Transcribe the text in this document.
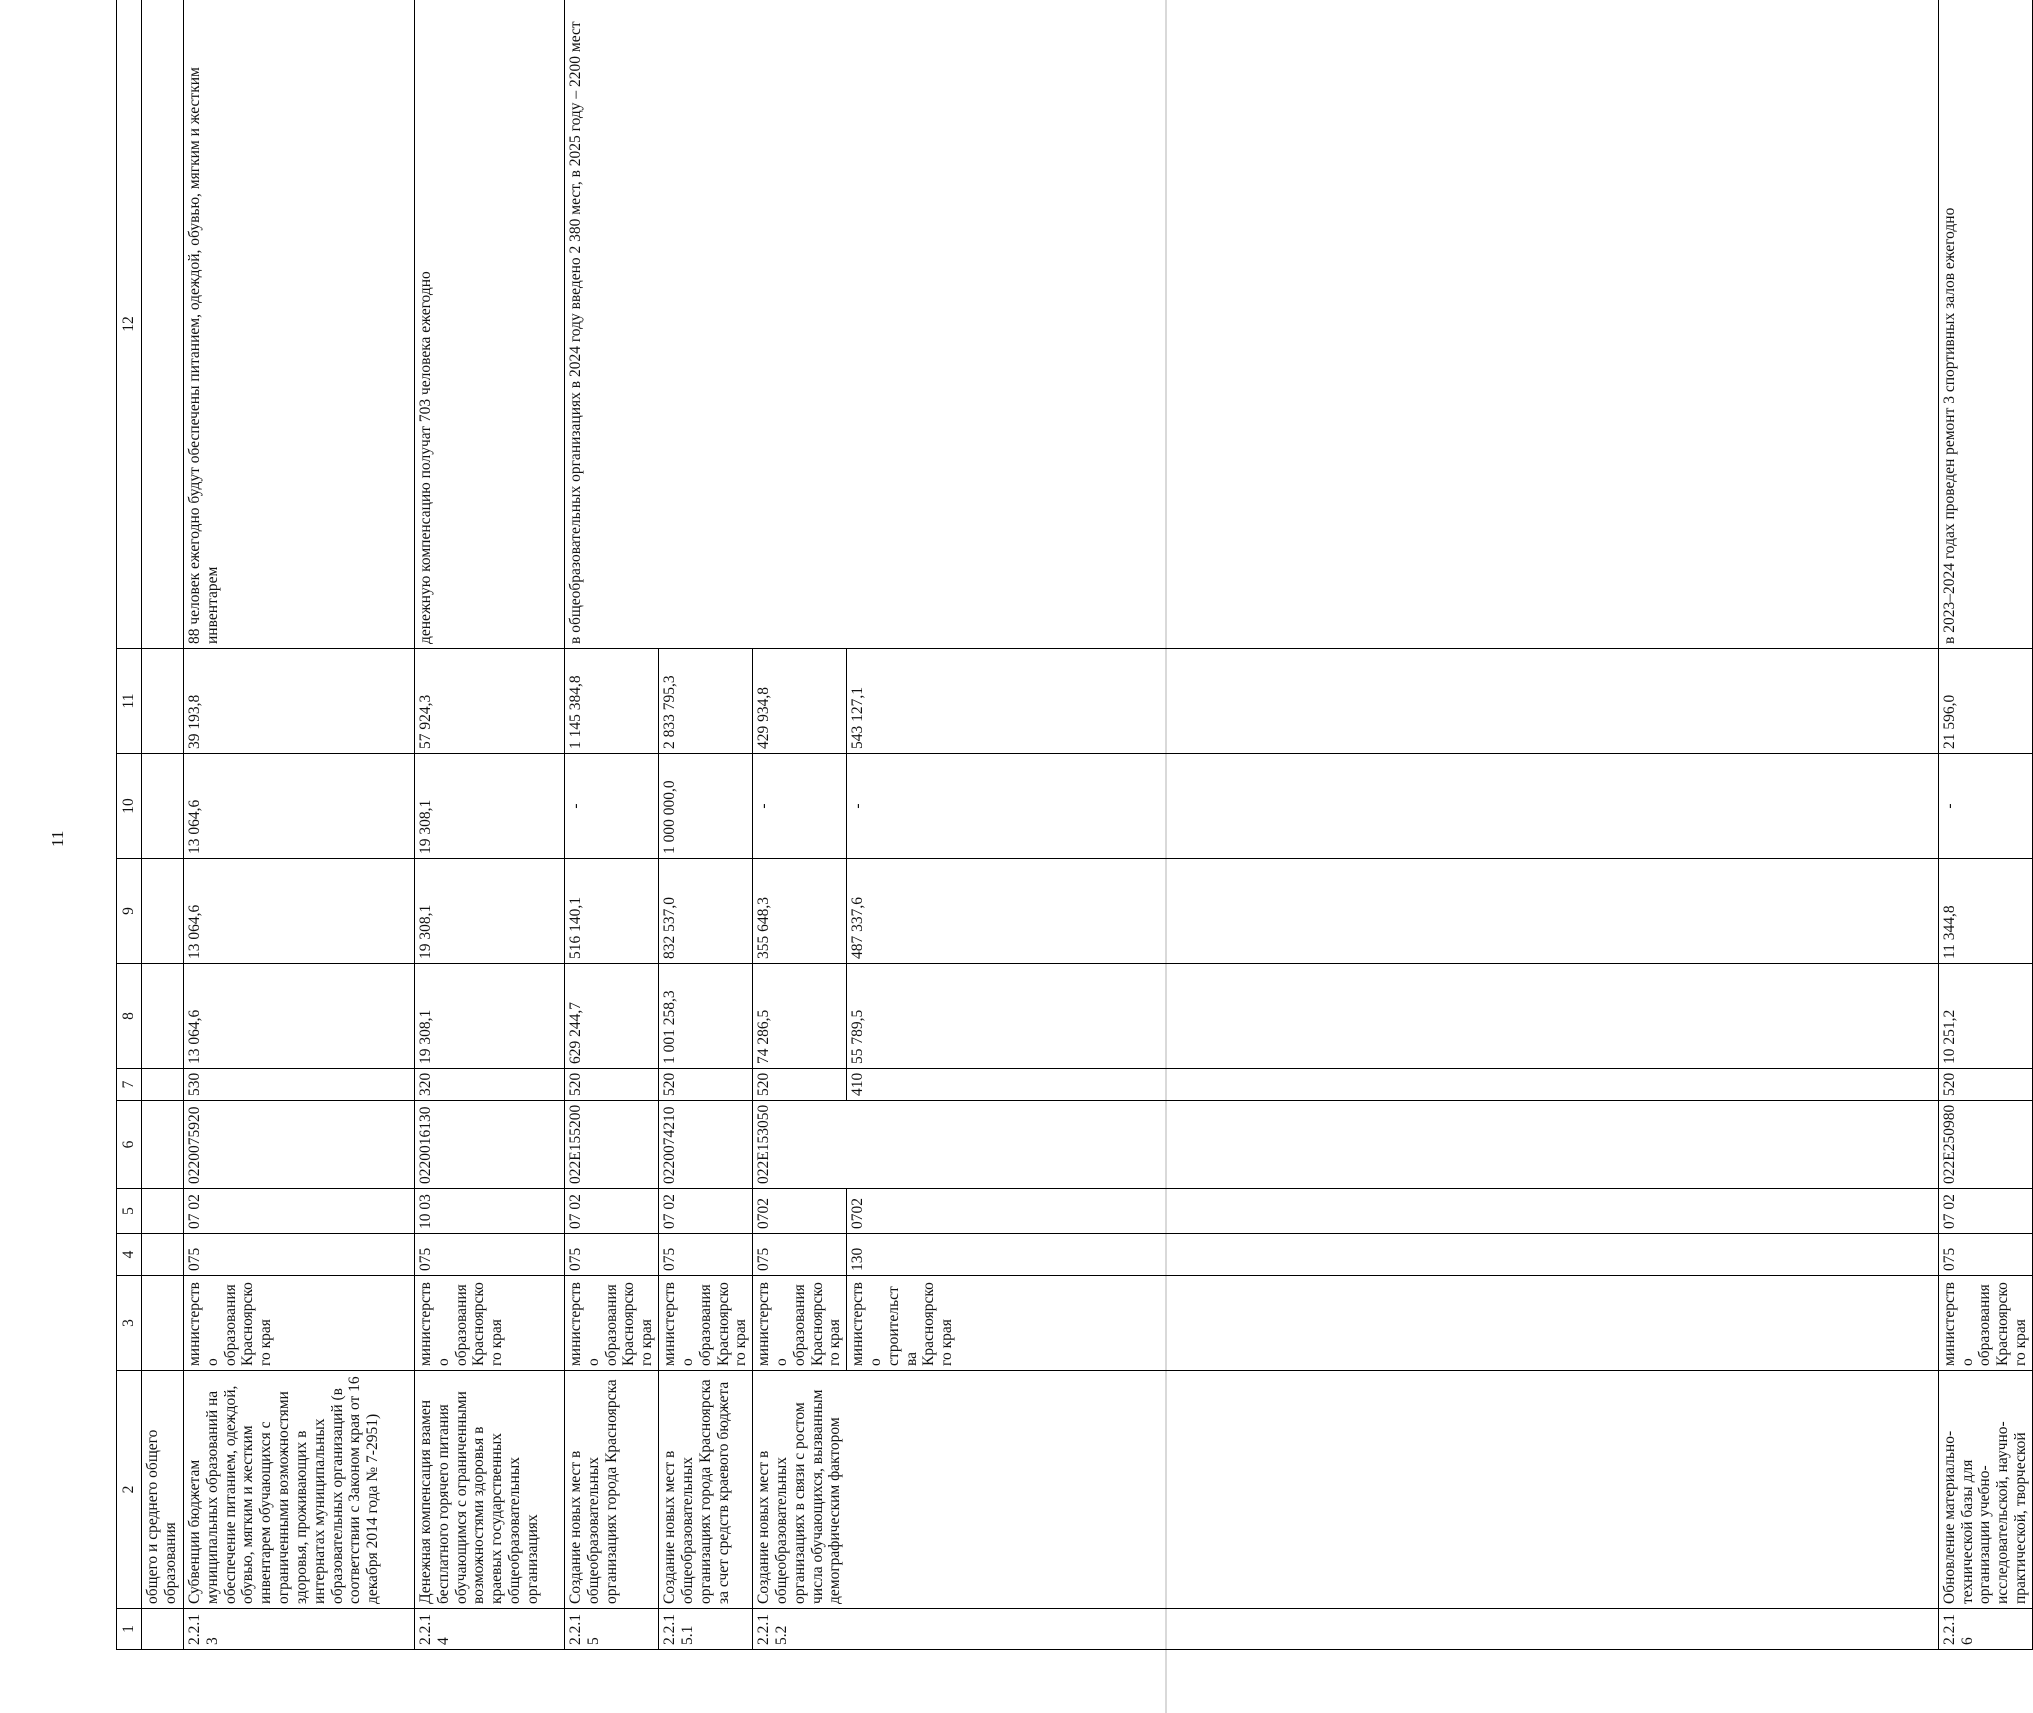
11
1	2	3	4	5	6	7	8	9	10	11	12	
	общего и среднего общего образования											
2.2.13	Субвенции бюджетам муниципальных образований на обеспечение питанием, одеждой, обувью, мягким и жестким инвентарем обучающихся с ограниченными возможностями здоровья, проживающих в интернатах муниципальных образовательных организаций (в соответствии с Законом края от 16 декабря 2014 года № 7-2951)	министерство образования Красноярского края	075	07 02	0220075920	530	13 064,6	13 064,6	13 064,6	39 193,8	88 человек ежегодно будут обеспечены питанием, одеждой, обувью, мягким и жестким инвентарем	
2.2.14	Денежная компенсация взамен бесплатного горячего питания обучающимся с ограниченными возможностями здоровья в краевых государственных общеобразовательных организациях	министерство образования Красноярского края	075	10 03	0220016130	320	19 308,1	19 308,1	19 308,1	57 924,3	денежную компенсацию получат 703 человека ежегодно	
2.2.15	Создание новых мест в общеобразовательных организациях города Красноярска	министерство образования Красноярского края	075	07 02	022E155200	520	629 244,7	516 140,1	-	1 145 384,8	в общеобразовательных организациях в 2024 году введено 2 380 мест, в 2025 году – 2200 мест	
2.2.15.1	Создание новых мест в общеобразовательных организациях города Красноярска за счет средств краевого бюджета	министерство образования Красноярского края	075	07 02	0220074210	520	1 001 258,3	832 537,0	1 000 000,0	2 833 795,3		
2.2.15.2	Создание новых мест в общеобразовательных организациях в связи с ростом числа обучающихся, вызванным демографическим фактором	министерство образования Красноярского края	075	0702	022E153050	520	74 286,5	355 648,3	-	429 934,8		
		министерство строительства Красноярского края	130	0702		410	55 789,5	487 337,6	-	543 127,1	
2.2.16	Обновление материально-технической базы для организации учебно-исследовательской, научно-практической, творческой	министерство образования Красноярского края	075	07 02	022E250980	520	10 251,2	11 344,8	-	21 596,0	в 2023–2024 годах проведен ремонт 3 спортивных залов ежегодно	
